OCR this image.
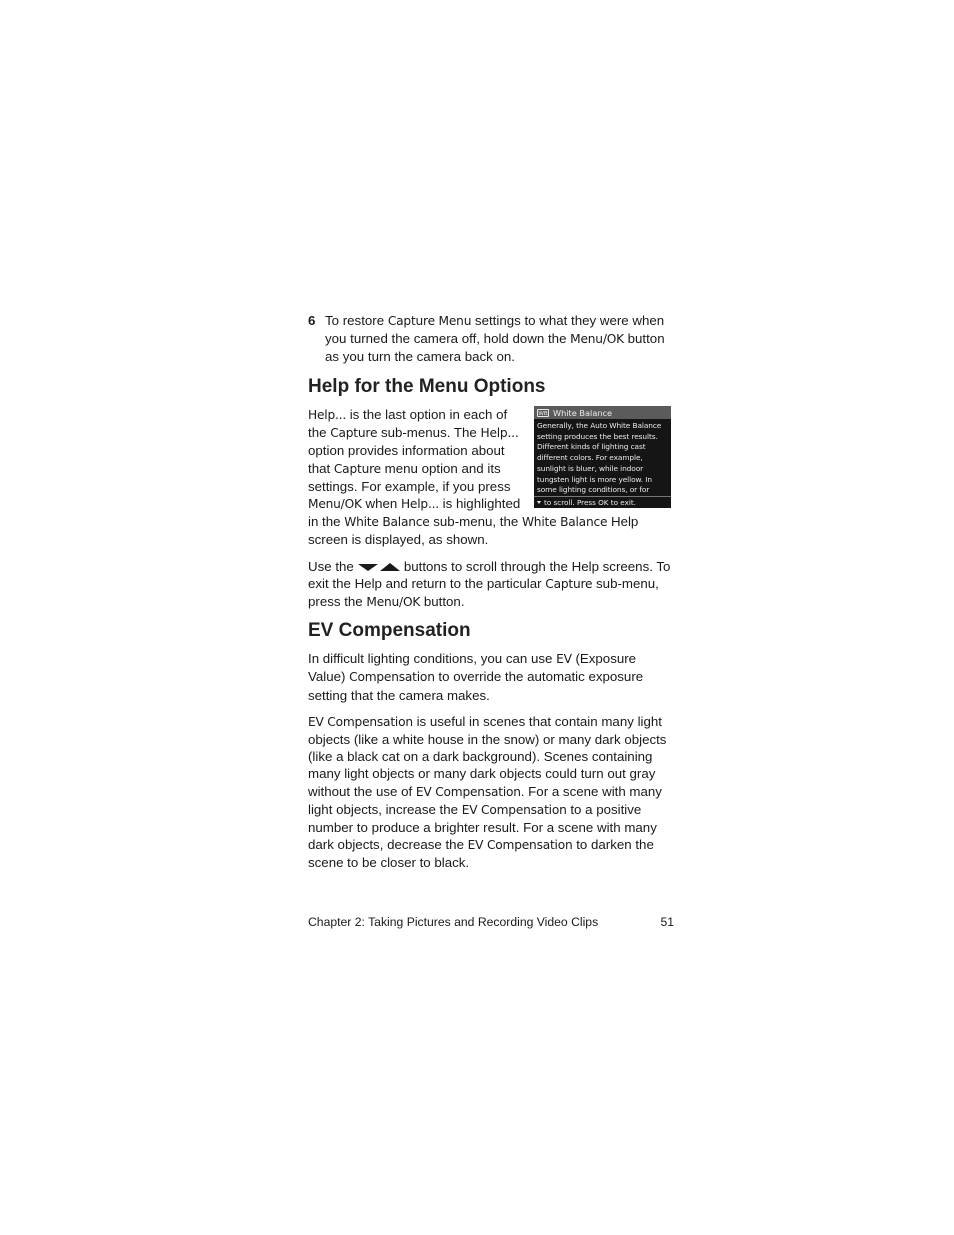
6 To restore Capture Menu settings to what they were when you turned the camera off, hold down the Menu/OK button as you turn the camera back on.
Help for the Menu Options
WB White Balance
Generally, the Auto White Balance setting produces the best results. Different kinds of lighting cast different colors. For example, sunlight is bluer, while indoor tungsten light is more yellow. In some lighting conditions, or for
to scroll. Press OK to exit.

Help... is the last option in each of the Capture sub-menus. The Help... option provides information about that Capture menu option and its settings. For example, if you press Menu/OK when Help... is highlighted in the White Balance sub-menu, the White Balance Help screen is displayed, as shown.

Use the	buttons to scroll through the Help screens. To exit the Help and return to the particular Capture sub-menu, press the Menu/OK button.

EV Compensation

In difficult lighting conditions, you can use EV (Exposure Value) Compensation to override the automatic exposure setting that the camera makes.

EV Compensation is useful in scenes that contain many light objects (like a white house in the snow) or many dark objects (like a black cat on a dark background). Scenes containing many light objects or many dark objects could turn out gray without the use of EV Compensation. For a scene with many light objects, increase the EV Compensation to a positive number to produce a brighter result. For a scene with many dark objects, decrease the EV Compensation to darken the scene to be closer to black.

Chapter 2: Taking Pictures and Recording Video Clips	51
